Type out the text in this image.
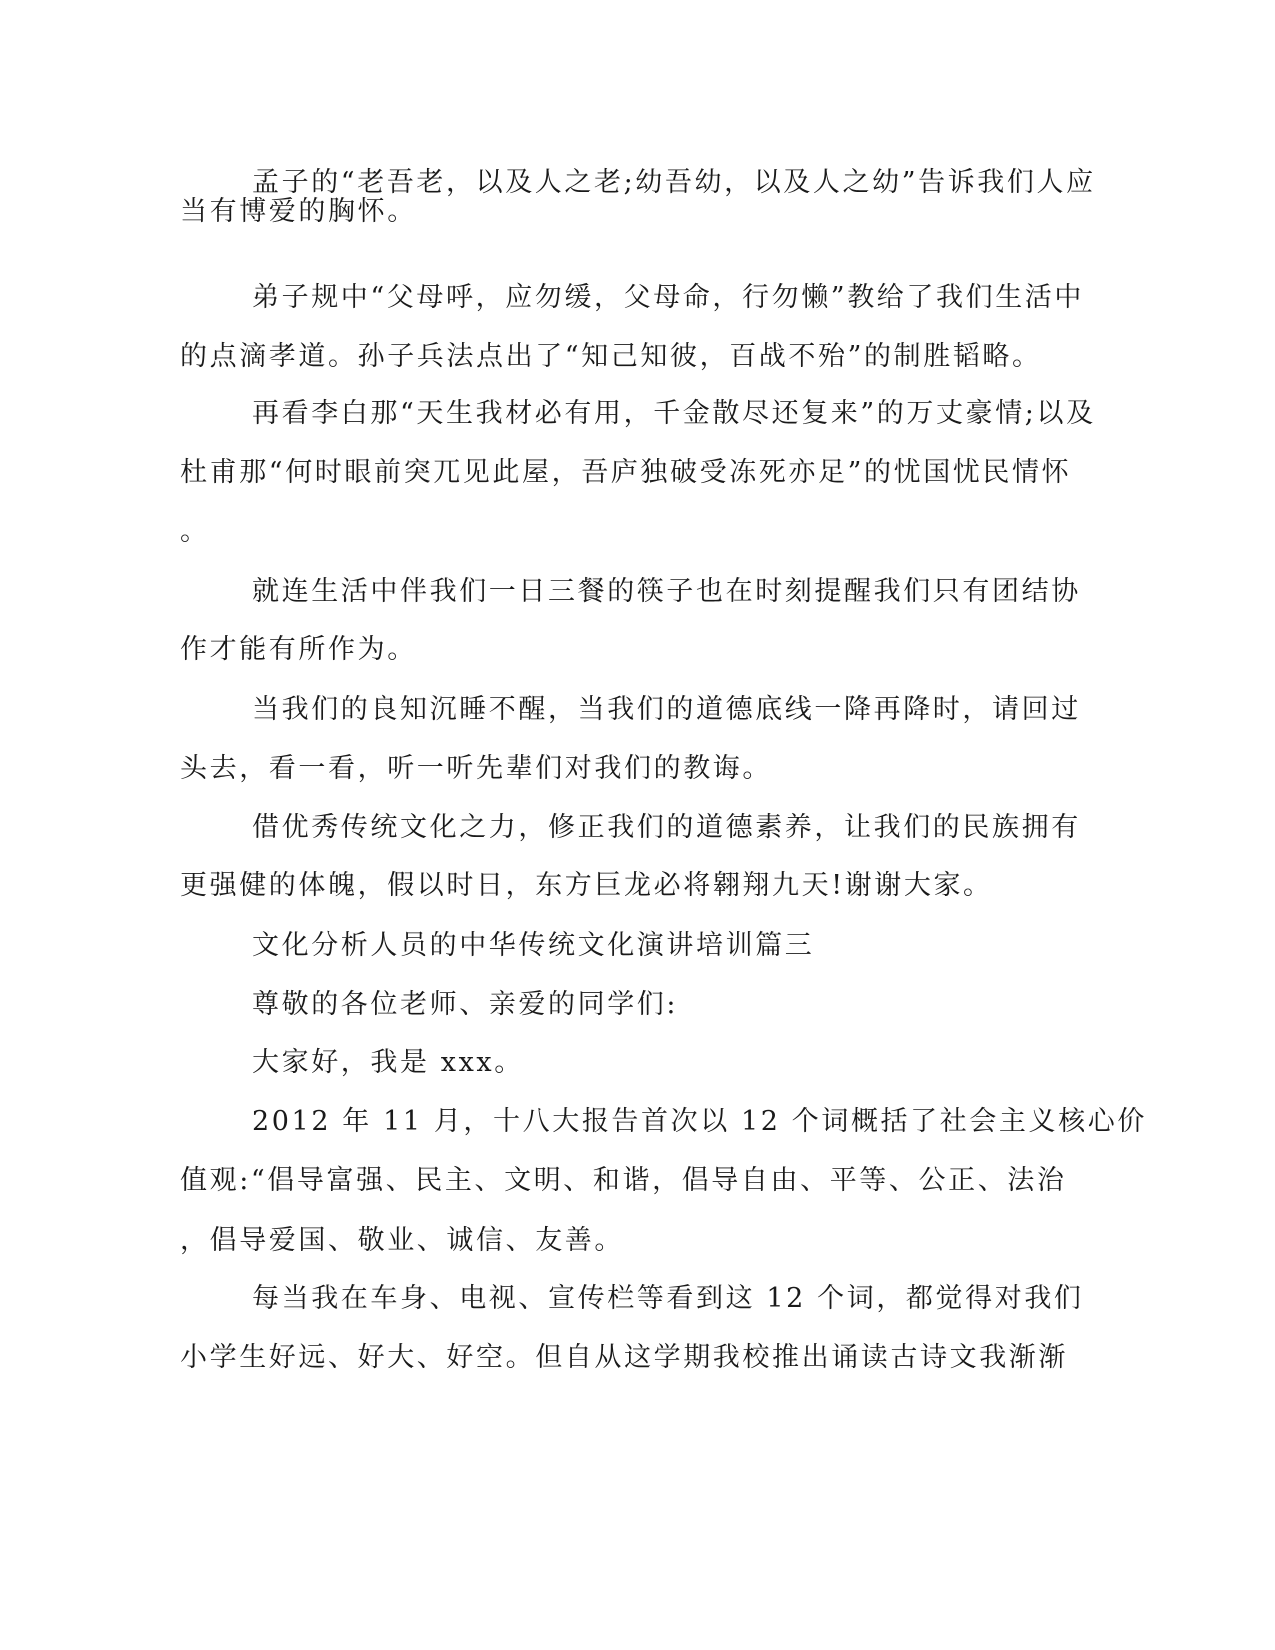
孟子的“老吾老，以及人之老;幼吾幼，以及人之幼”告诉我们人应
当有博爱的胸怀。
弟子规中“父母呼，应勿缓，父母命，行勿懒”教给了我们生活中
的点滴孝道。孙子兵法点出了“知己知彼，百战不殆”的制胜韬略。
再看李白那“天生我材必有用，千金散尽还复来”的万丈豪情;以及
杜甫那“何时眼前突兀见此屋，吾庐独破受冻死亦足”的忧国忧民情怀
。
就连生活中伴我们一日三餐的筷子也在时刻提醒我们只有团结协
作才能有所作为。
当我们的良知沉睡不醒，当我们的道德底线一降再降时，请回过
头去，看一看，听一听先辈们对我们的教诲。
借优秀传统文化之力，修正我们的道德素养，让我们的民族拥有
更强健的体魄，假以时日，东方巨龙必将翱翔九天!谢谢大家。
文化分析人员的中华传统文化演讲培训篇三
尊敬的各位老师、亲爱的同学们:
大家好，我是 xxx。
2012 年 11 月，十八大报告首次以 12 个词概括了社会主义核心价
值观:“倡导富强、民主、文明、和谐，倡导自由、平等、公正、法治
，倡导爱国、敬业、诚信、友善。
每当我在车身、电视、宣传栏等看到这 12 个词，都觉得对我们
小学生好远、好大、好空。但自从这学期我校推出诵读古诗文我渐渐
